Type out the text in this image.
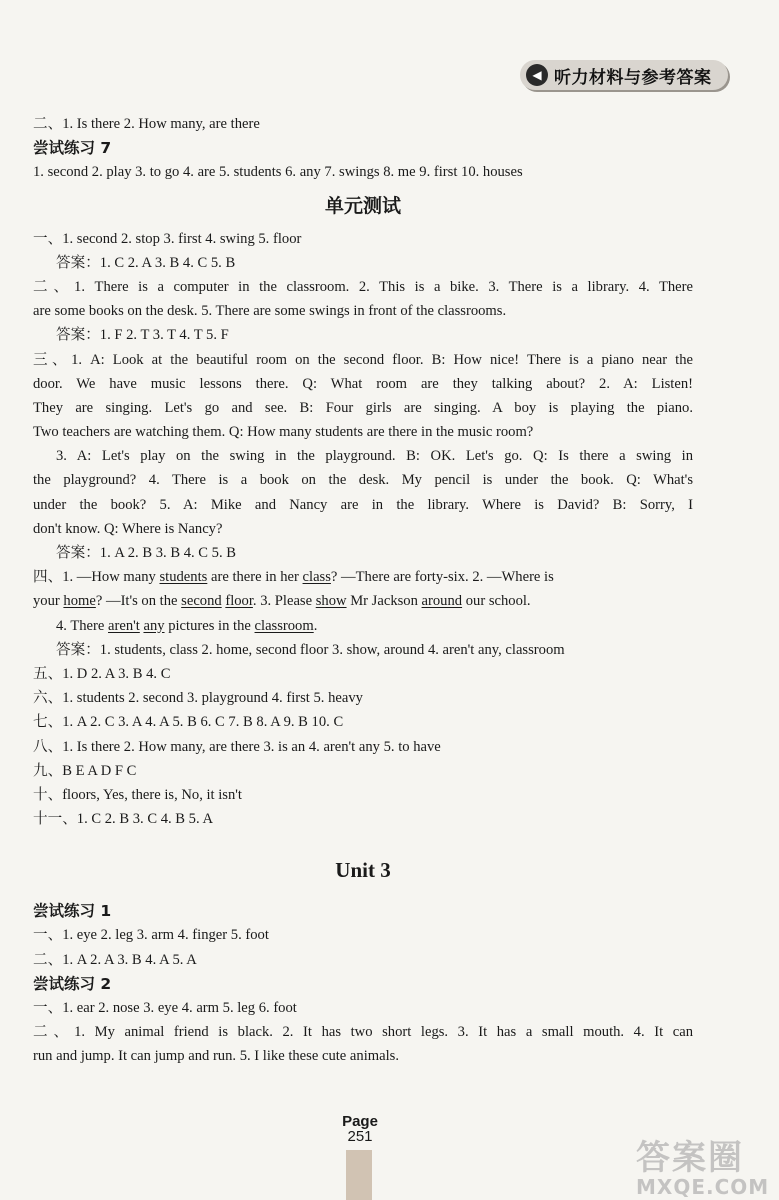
◀ 听力材料与参考答案
二、1. Is there 2. How many, are there
尝试练习 7
1. second 2. play 3. to go 4. are 5. students 6. any 7. swings 8. me 9. first 10. houses
单元测试
一、1. second 2. stop 3. first 4. swing 5. floor
答案：1. C 2. A 3. B 4. C 5. B
二、1. There is a computer in the classroom. 2. This is a bike. 3. There is a library. 4. There
are some books on the desk. 5. There are some swings in front of the classrooms.
答案：1. F 2. T 3. T 4. T 5. F
三、1. A: Look at the beautiful room on the second floor. B: How nice! There is a piano near the
door. We have music lessons there. Q: What room are they talking about? 2. A: Listen!
They are singing. Let's go and see. B: Four girls are singing. A boy is playing the piano.
Two teachers are watching them. Q: How many students are there in the music room?
3. A: Let's play on the swing in the playground. B: OK. Let's go. Q: Is there a swing in
the playground? 4. There is a book on the desk. My pencil is under the book. Q: What's
under the book? 5. A: Mike and Nancy are in the library. Where is David? B: Sorry, I
don't know. Q: Where is Nancy?
答案：1. A 2. B 3. B 4. C 5. B
四、1. —How many students are there in her class? —There are forty-six. 2. —Where is
your home? —It's on the second floor. 3. Please show Mr Jackson around our school.
4. There aren't any pictures in the classroom.
答案：1. students, class 2. home, second floor 3. show, around 4. aren't any, classroom
五、1. D 2. A 3. B 4. C
六、1. students 2. second 3. playground 4. first 5. heavy
七、1. A 2. C 3. A 4. A 5. B 6. C 7. B 8. A 9. B 10. C
八、1. Is there 2. How many, are there 3. is an 4. aren't any 5. to have
九、B E A D F C
十、floors, Yes, there is, No, it isn't
十一、1. C 2. B 3. C 4. B 5. A
Unit 3
尝试练习 1
一、1. eye 2. leg 3. arm 4. finger 5. foot
二、1. A 2. A 3. B 4. A 5. A
尝试练习 2
一、1. ear 2. nose 3. eye 4. arm 5. leg 6. foot
二、1. My animal friend is black. 2. It has two short legs. 3. It has a small mouth. 4. It can
run and jump. It can jump and run. 5. I like these cute animals.
Page
251
答案圈
MXQE.COM
